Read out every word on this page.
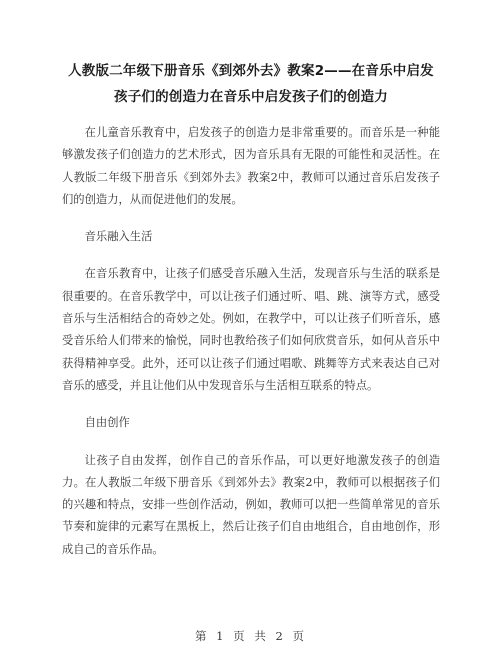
人教版二年级下册音乐《到郊外去》教案2——在音乐中启发
孩子们的创造力在音乐中启发孩子们的创造力

在儿童音乐教育中，启发孩子的创造力是非常重要的。而音乐是一种能够激发孩子们创造力的艺术形式，因为音乐具有无限的可能性和灵活性。在人教版二年级下册音乐《到郊外去》教案2中，教师可以通过音乐启发孩子们的创造力，从而促进他们的发展。

音乐融入生活

在音乐教育中，让孩子们感受音乐融入生活，发现音乐与生活的联系是很重要的。在音乐教学中，可以让孩子们通过听、唱、跳、演等方式，感受音乐与生活相结合的奇妙之处。例如，在教学中，可以让孩子们听音乐，感受音乐给人们带来的愉悦，同时也教给孩子们如何欣赏音乐，如何从音乐中获得精神享受。此外，还可以让孩子们通过唱歌、跳舞等方式来表达自己对音乐的感受，并且让他们从中发现音乐与生活相互联系的特点。

自由创作

让孩子自由发挥，创作自己的音乐作品，可以更好地激发孩子的创造力。在人教版二年级下册音乐《到郊外去》教案2中，教师可以根据孩子们的兴趣和特点，安排一些创作活动，例如，教师可以把一些简单常见的音乐节奏和旋律的元素写在黑板上，然后让孩子们自由地组合，自由地创作，形成自己的音乐作品。

第 1 页 共 2 页
